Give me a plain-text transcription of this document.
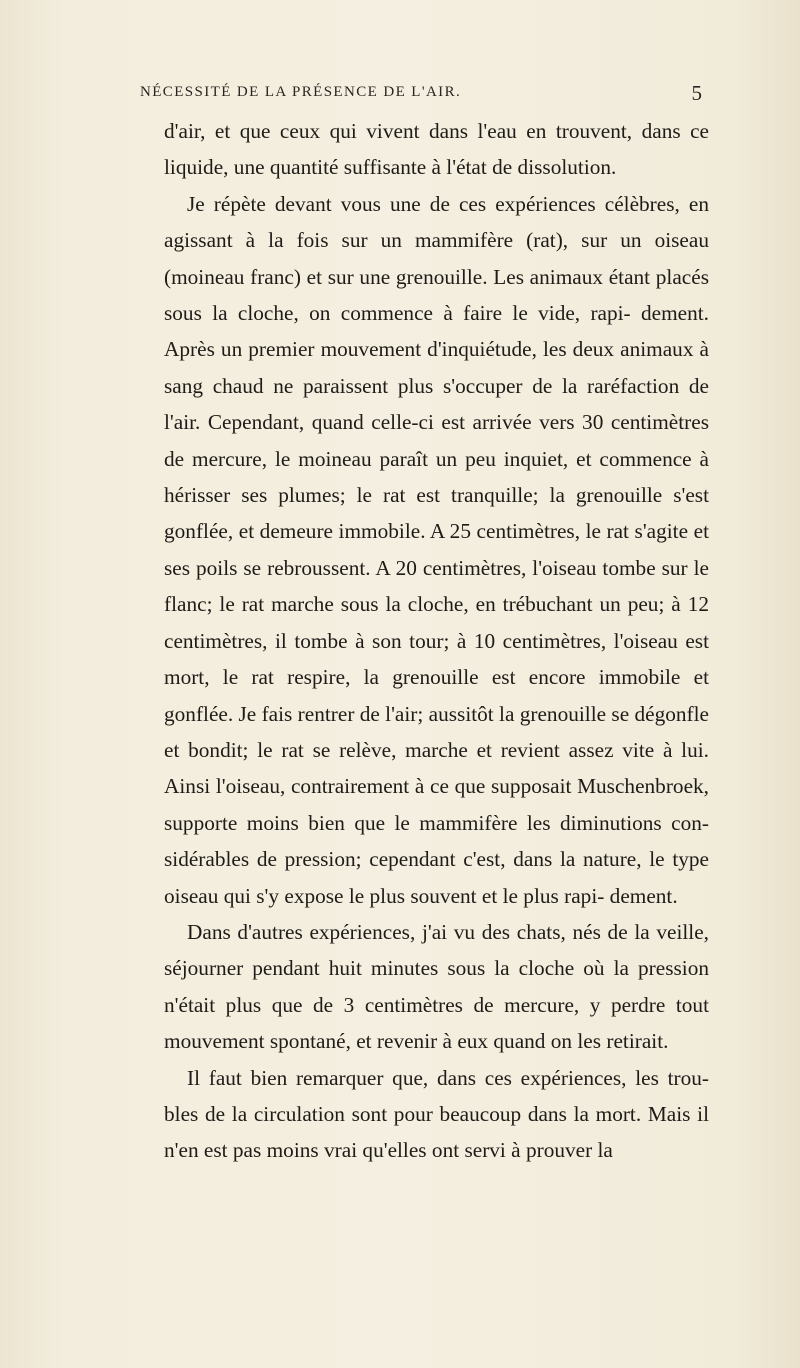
NÉCESSITÉ DE LA PRÉSENCE DE L'AIR.	5

d'air, et que ceux qui vivent dans l'eau en trouvent, dans ce liquide, une quantité suffisante à l'état de dissolution.

Je répète devant vous une de ces expériences célèbres, en agissant à la fois sur un mammifère (rat), sur un oiseau (moineau franc) et sur une grenouille. Les animaux étant placés sous la cloche, on commence à faire le vide, rapi- dement. Après un premier mouvement d'inquiétude, les deux animaux à sang chaud ne paraissent plus s'occuper de la raréfaction de l'air. Cependant, quand celle-ci est arrivée vers 30 centimètres de mercure, le moineau paraît un peu inquiet, et commence à hérisser ses plumes; le rat est tranquille; la grenouille s'est gonflée, et demeure immobile. A 25 centimètres, le rat s'agite et ses poils se rebroussent. A 20 centimètres, l'oiseau tombe sur le flanc; le rat marche sous la cloche, en trébuchant un peu; à 12 centimètres, il tombe à son tour; à 10 centimètres, l'oiseau est mort, le rat respire, la grenouille est encore immobile et gonflée. Je fais rentrer de l'air; aussitôt la grenouille se dégonfle et bondit; le rat se relève, marche et revient assez vite à lui. Ainsi l'oiseau, contrairement à ce que supposait Muschenbroek, supporte moins bien que le mammifère les diminutions con- sidérables de pression; cependant c'est, dans la nature, le type oiseau qui s'y expose le plus souvent et le plus rapi- dement.

Dans d'autres expériences, j'ai vu des chats, nés de la veille, séjourner pendant huit minutes sous la cloche où la pression n'était plus que de 3 centimètres de mercure, y perdre tout mouvement spontané, et revenir à eux quand on les retirait.

Il faut bien remarquer que, dans ces expériences, les trou- bles de la circulation sont pour beaucoup dans la mort. Mais il n'en est pas moins vrai qu'elles ont servi à prouver la
